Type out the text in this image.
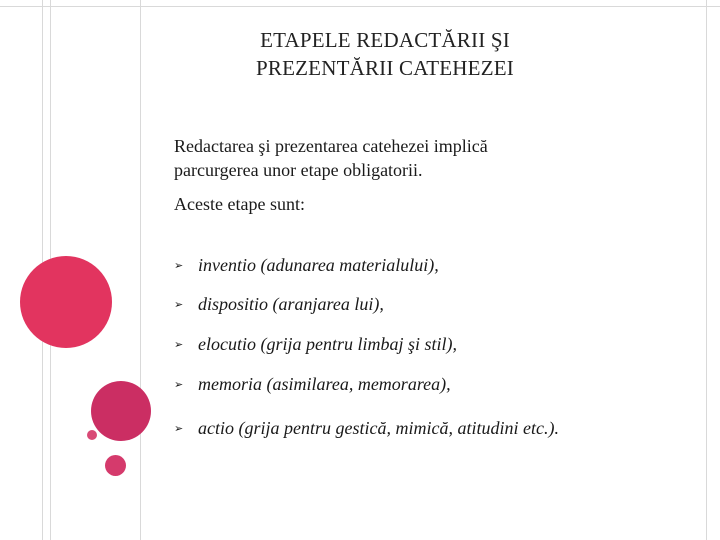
ETAPELE REDACTĂRII ŞI
PREZENTĂRII CATEHEZEI

Redactarea şi prezentarea catehezei implică
parcurgerea unor etape obligatorii.

Aceste etape sunt:

➢ inventio (adunarea materialului),
➢ dispositio (aranjarea lui),
➢ elocutio (grija pentru limbaj şi stil),
➢ memoria (asimilarea, memorarea),
➢ actio (grija pentru gestică, mimică, atitudini etc.).
